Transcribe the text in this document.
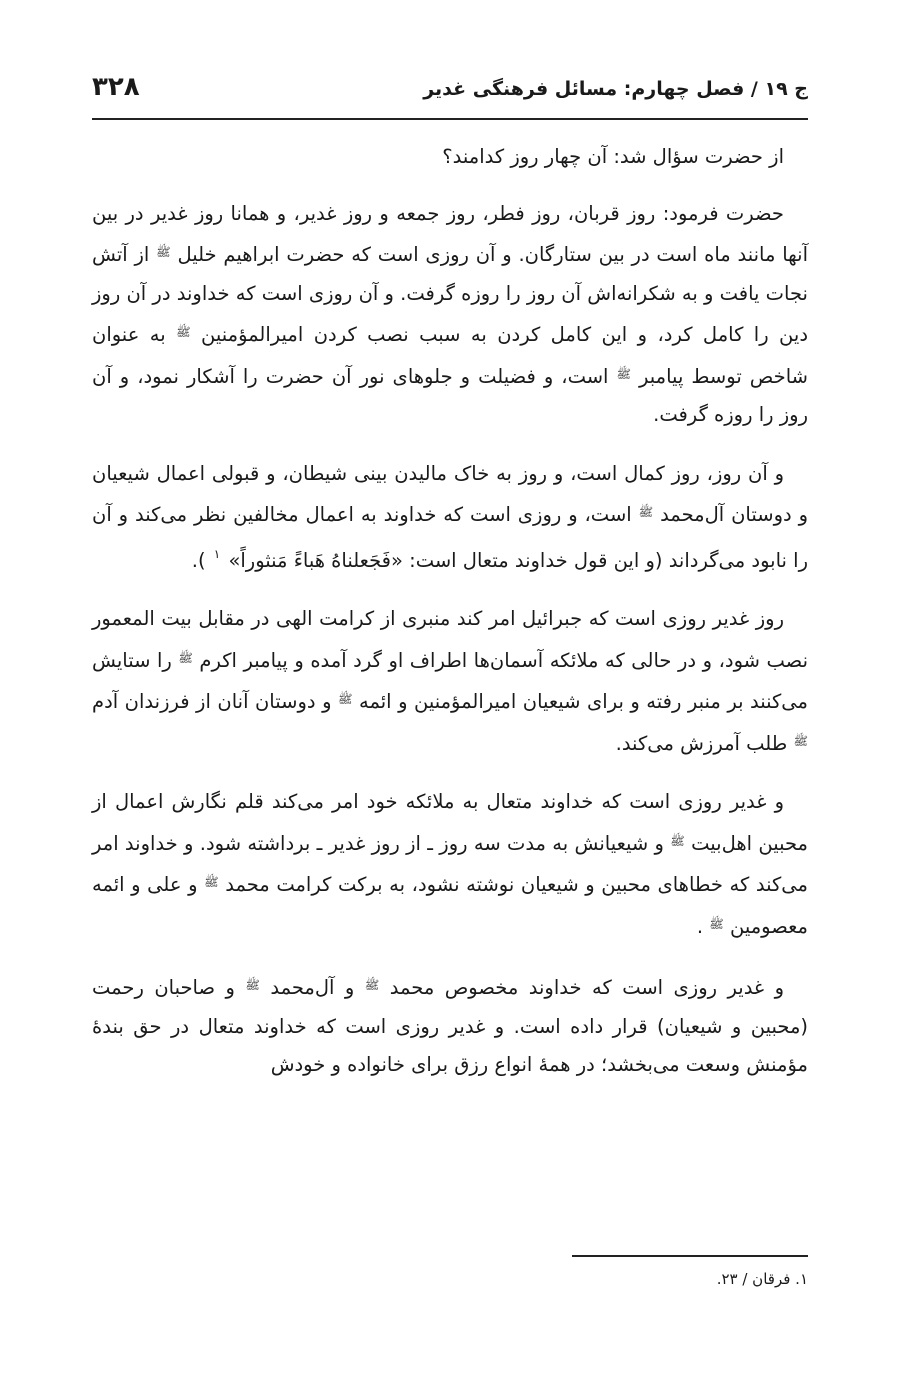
۳۲۸	ج ۱۹ / فصل چهارم: مسائل فرهنگی غدیر

از حضرت سؤال شد: آن چهار روز کدامند؟

حضرت فرمود: روز قربان، روز فطر، روز جمعه و روز غدیر، و همانا روز غدیر در بین آنها مانند ماه است در بین ستارگان. و آن روزی است که حضرت ابراهیم خلیل $^ﷺ$ از آتش نجات یافت و به شکرانه‌اش آن روز را روزه گرفت. و آن روزی است که خداوند در آن روز دین را کامل کرد، و این کامل کردن به سبب نصب کردن امیرالمؤمنین $^ﷺ$ به عنوان شاخص توسط پیامبر $^ﷺ$ است، و فضیلت و جلوهای نور آن حضرت را آشکار نمود، و آن روز را روزه گرفت.

و آن روز، روز کمال است، و روز به خاک مالیدن بینی شیطان، و قبولی اعمال شیعیان و دوستان آل‌محمد $^ﷺ$ است، و روزی است که خداوند به اعمال مخالفین نظر می‌کند و آن را نابود می‌گرداند (و این قول خداوند متعال است: «فَجَعلناهُ هَباءً مَنثوراً» $^۱$ ).

روز غدیر روزی است که جبرائیل امر کند منبری از کرامت الهی در مقابل بیت المعمور نصب شود، و در حالی که ملائکه آسمان‌ها اطراف او گرد آمده و پیامبر اکرم $^ﷺ$ را ستایش می‌کنند بر منبر رفته و برای شیعیان امیرالمؤمنین و ائمه $^ﷺ$ و دوستان آنان از فرزندان آدم $^ﷺ$ طلب آمرزش می‌کند.

و غدیر روزی است که خداوند متعال به ملائکه خود امر می‌کند قلم نگارش اعمال از محبین اهل‌بیت $^ﷺ$ و شیعیانش به مدت سه روز ـ از روز غدیر ـ برداشته شود. و خداوند امر می‌کند که خطاهای محبین و شیعیان نوشته نشود، به برکت کرامت محمد $^ﷺ$ و علی و ائمه معصومین $^ﷺ$ .

و غدیر روزی است که خداوند مخصوص محمد $^ﷺ$ و آل‌محمد $^ﷺ$ و صاحبان رحمت (محبین و شیعیان) قرار داده است. و غدیر روزی است که خداوند متعال در حق بندهٔ مؤمنش وسعت می‌بخشد؛ در همهٔ انواع رزق برای خانواده و خودش

۱. فرقان / ۲۳.
